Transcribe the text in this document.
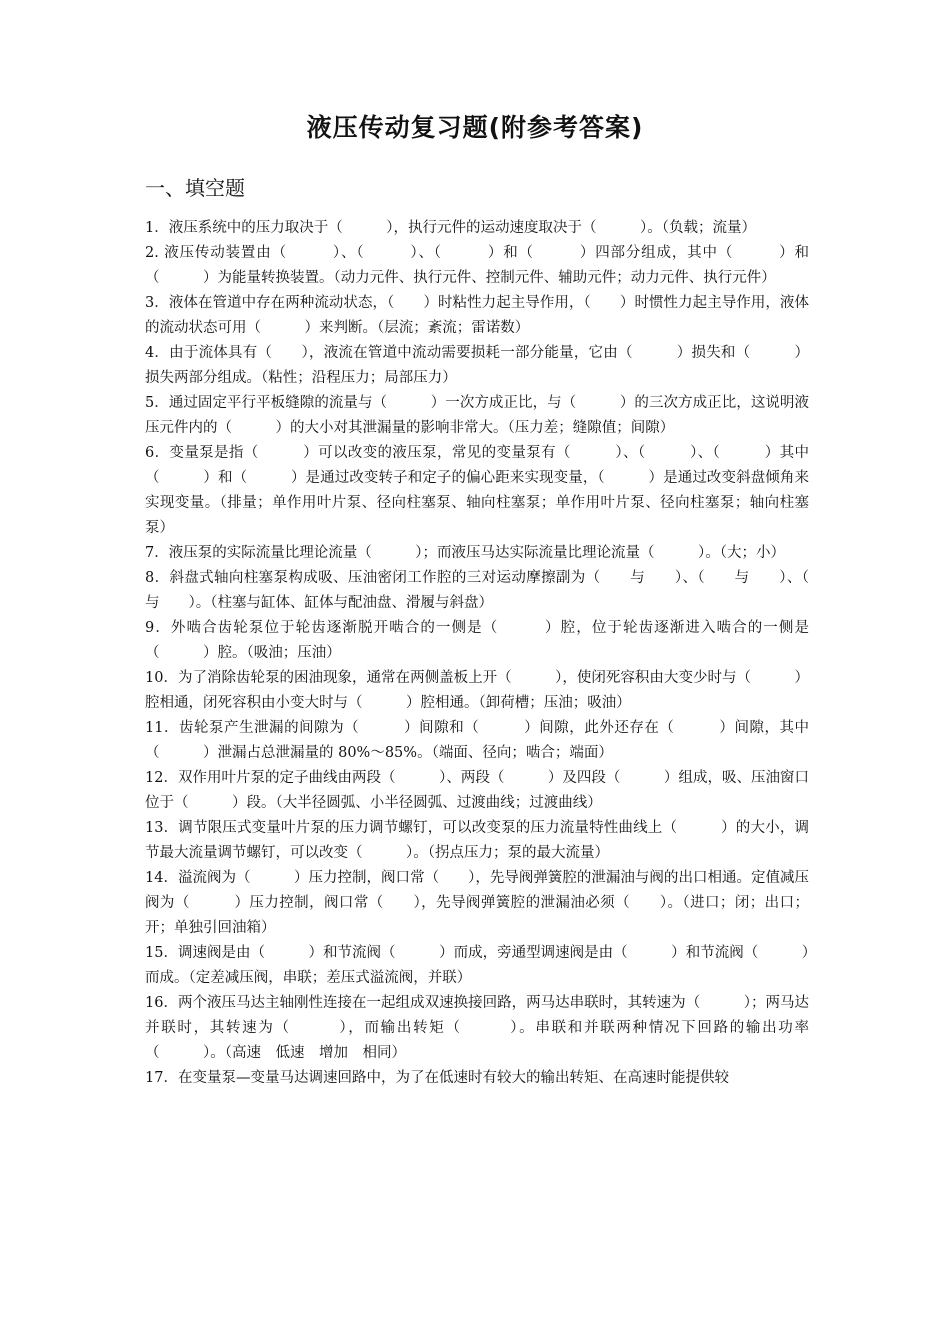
液压传动复习题(附参考答案)
一、填空题

1．液压系统中的压力取决于（　　　），执行元件的运动速度取决于（　　　）。（负载；流量）

2. 液压传动装置由（　　　）、（　　　）、（　　　）和（　　　）四部分组成，其中（　　　）和（　　　）为能量转换装置。（动力元件、执行元件、控制元件、辅助元件；动力元件、执行元件）

3．液体在管道中存在两种流动状态，（　　）时粘性力起主导作用，（　　）时惯性力起主导作用，液体的流动状态可用（　　　）来判断。（层流；紊流；雷诺数）

4．由于流体具有（　　），液流在管道中流动需要损耗一部分能量，它由（　　　）损失和（　　　）损失两部分组成。（粘性；沿程压力；局部压力）

5．通过固定平行平板缝隙的流量与（　　　）一次方成正比，与（　　　）的三次方成正比，这说明液压元件内的（　　　）的大小对其泄漏量的影响非常大。（压力差；缝隙值；间隙）

6．变量泵是指（　　　）可以改变的液压泵，常见的变量泵有（　　　）、（　　　）、（　　　）其中（　　　）和（　　　）是通过改变转子和定子的偏心距来实现变量，（　　　）是通过改变斜盘倾角来实现变量。（排量；单作用叶片泵、径向柱塞泵、轴向柱塞泵；单作用叶片泵、径向柱塞泵；轴向柱塞泵）

7．液压泵的实际流量比理论流量（　　　）；而液压马达实际流量比理论流量（　　　）。（大；小）

8．斜盘式轴向柱塞泵构成吸、压油密闭工作腔的三对运动摩擦副为（　　与　　）、（　　与　　）、（　　与　　）。（柱塞与缸体、缸体与配油盘、滑履与斜盘）

9．外啮合齿轮泵位于轮齿逐渐脱开啮合的一侧是（　　　）腔，位于轮齿逐渐进入啮合的一侧是（　　　）腔。（吸油；压油）

10．为了消除齿轮泵的困油现象，通常在两侧盖板上开（　　　），使闭死容积由大变少时与（　　　）腔相通，闭死容积由小变大时与（　　　）腔相通。（卸荷槽；压油；吸油）

11．齿轮泵产生泄漏的间隙为（　　　）间隙和（　　　）间隙，此外还存在（　　　）间隙，其中（　　　）泄漏占总泄漏量的 80%～85%。（端面、径向；啮合；端面）

12．双作用叶片泵的定子曲线由两段（　　　）、两段（　　　）及四段（　　　）组成，吸、压油窗口位于（　　　）段。（大半径圆弧、小半径圆弧、过渡曲线；过渡曲线）

13．调节限压式变量叶片泵的压力调节螺钉，可以改变泵的压力流量特性曲线上（　　　）的大小，调节最大流量调节螺钉，可以改变（　　　）。（拐点压力；泵的最大流量）

14．溢流阀为（　　　）压力控制，阀口常（　　），先导阀弹簧腔的泄漏油与阀的出口相通。定值减压阀为（　　　）压力控制，阀口常（　　），先导阀弹簧腔的泄漏油必须（　　）。（进口；闭；出口；开；单独引回油箱）

15．调速阀是由（　　　）和节流阀（　　　）而成，旁通型调速阀是由（　　　）和节流阀（　　　）而成。（定差减压阀，串联；差压式溢流阀，并联）

16．两个液压马达主轴刚性连接在一起组成双速换接回路，两马达串联时，其转速为（　　　）；两马达并联时，其转速为（　　　），而输出转矩（　　　）。串联和并联两种情况下回路的输出功率（　　　）。（高速　低速　增加　相同）

17．在变量泵—变量马达调速回路中，为了在低速时有较大的输出转矩、在高速时能提供较
